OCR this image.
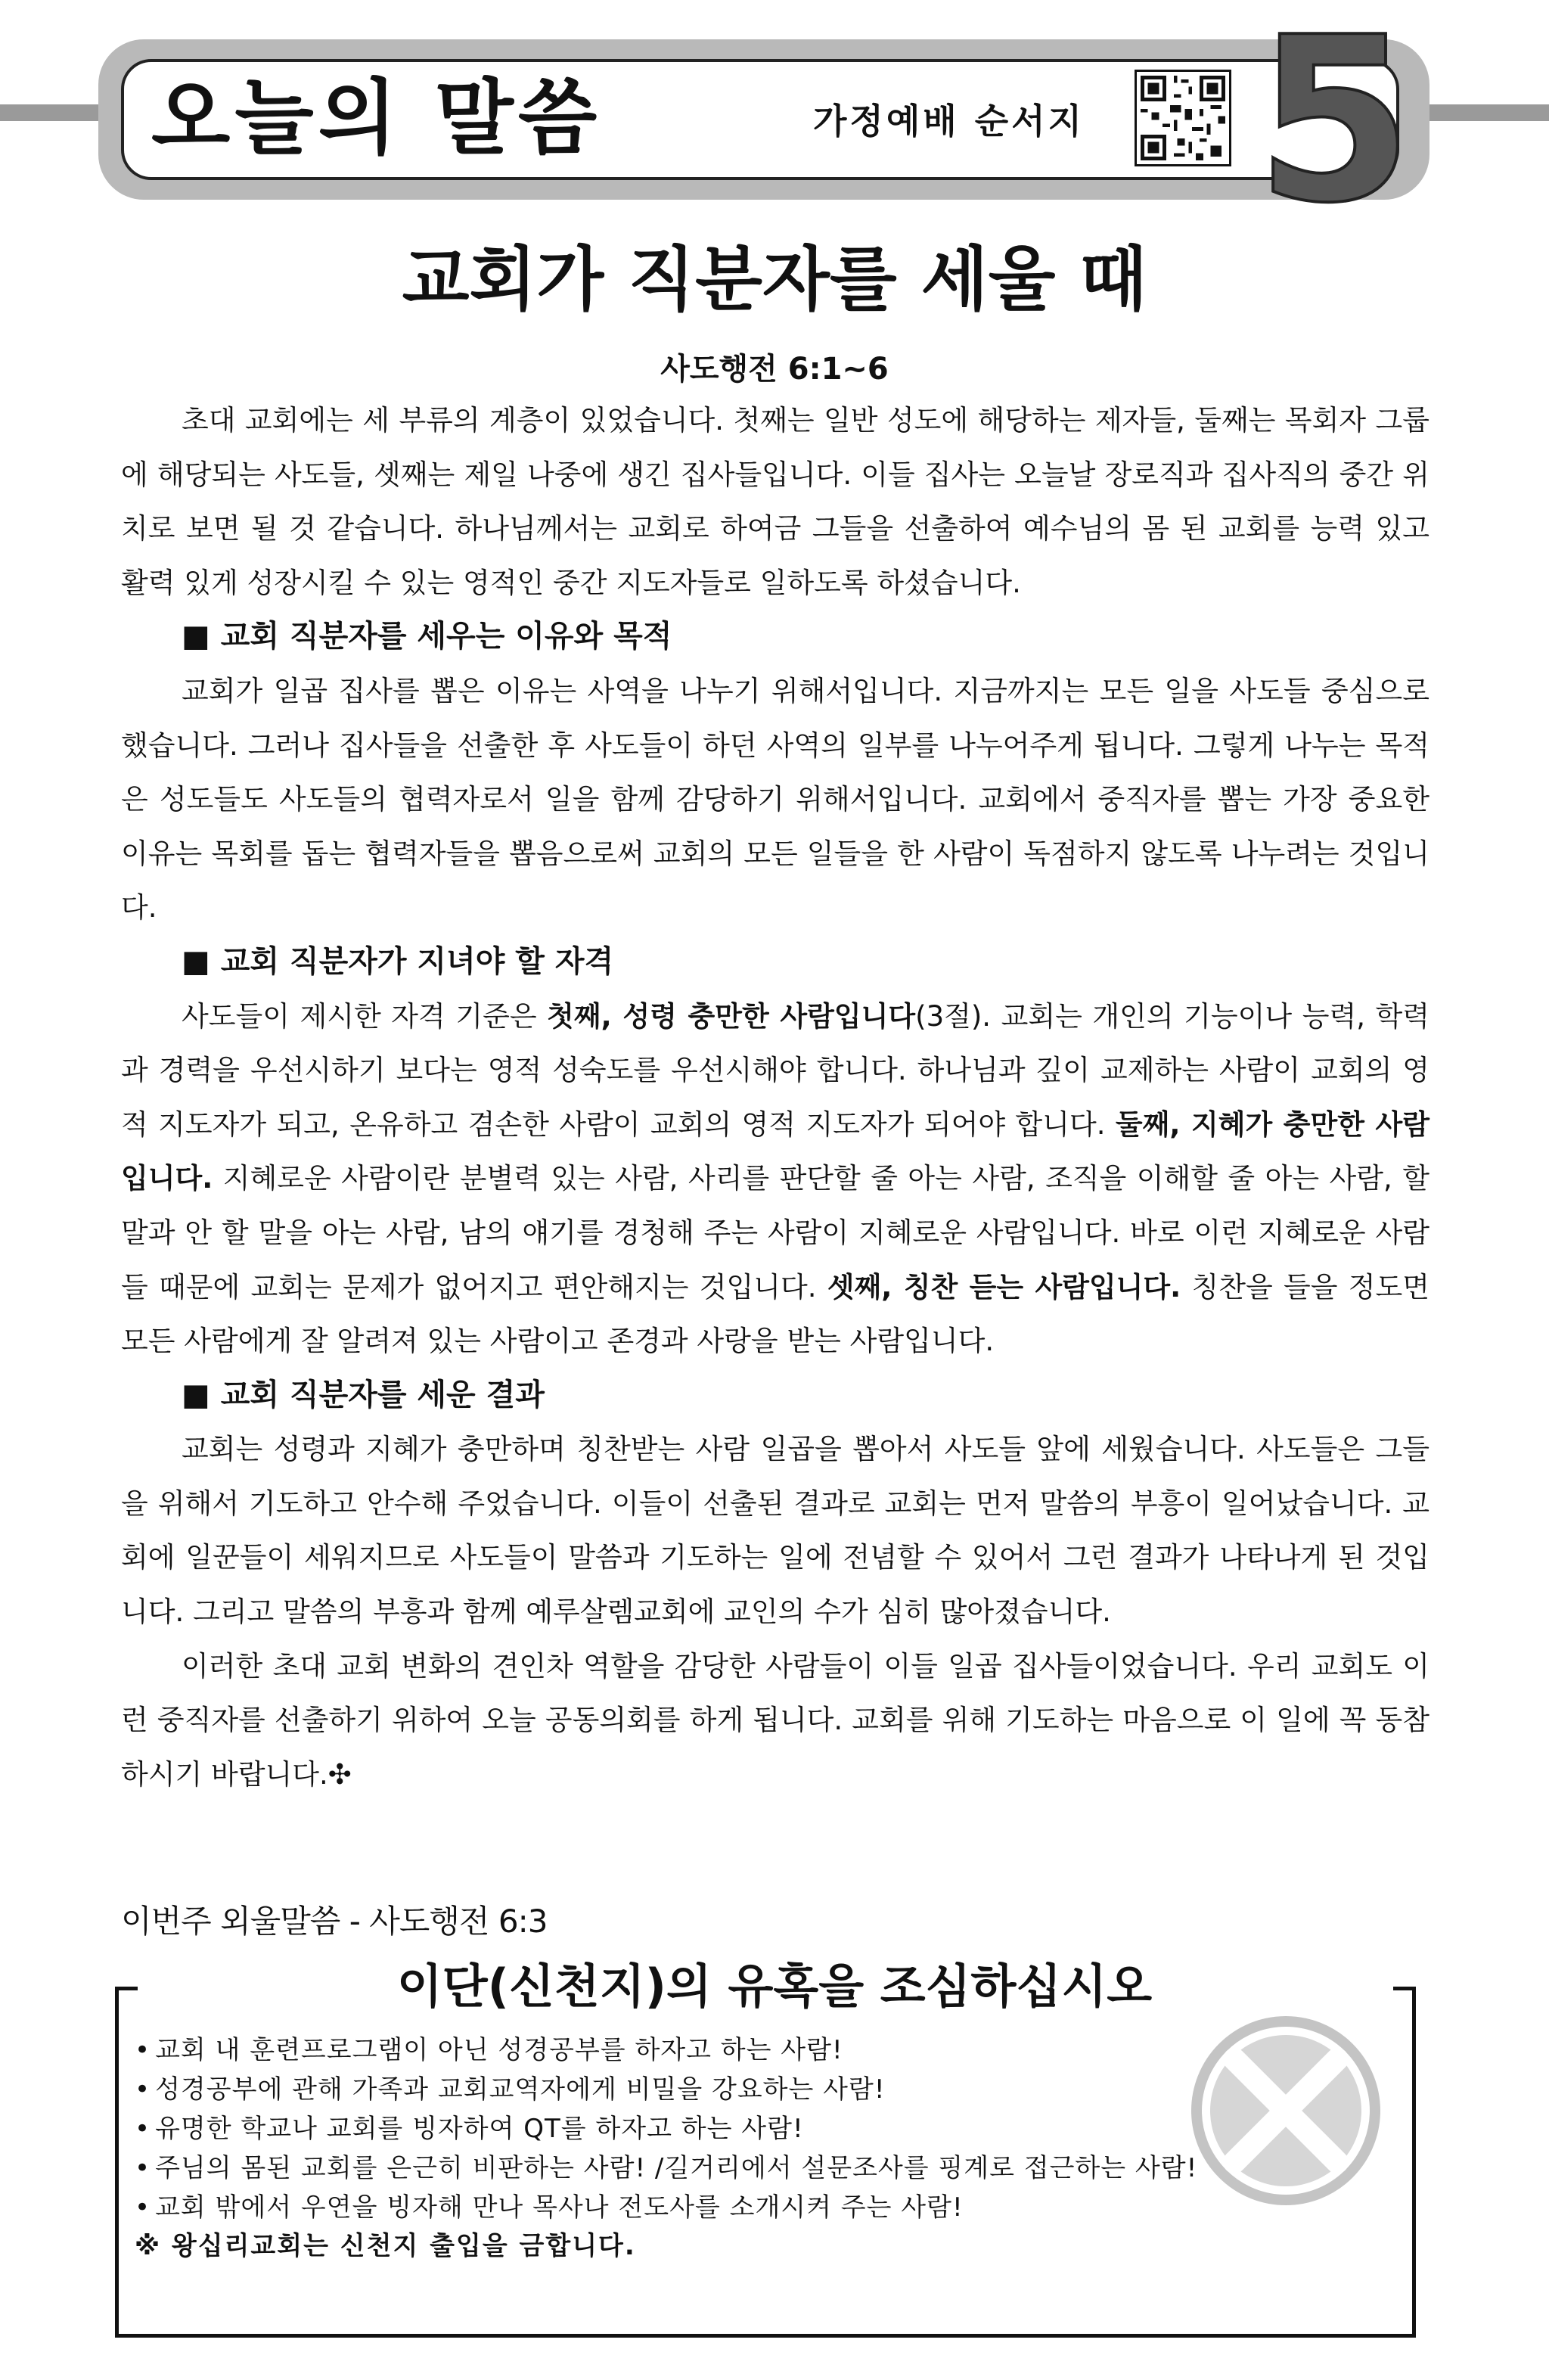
오늘의 말씀	가정예배 순서지 5
교회가 직분자를 세울 때
사도행전 6:1~6

초대 교회에는 세 부류의 계층이 있었습니다. 첫째는 일반 성도에 해당하는 제자들, 둘째는 목회자 그룹에 해당되는 사도들, 셋째는 제일 나중에 생긴 집사들입니다. 이들 집사는 오늘날 장로직과 집사직의 중간 위치로 보면 될 것 같습니다. 하나님께서는 교회로 하여금 그들을 선출하여 예수님의 몸 된 교회를 능력 있고 활력 있게 성장시킬 수 있는 영적인 중간 지도자들로 일하도록 하셨습니다.

■ 교회 직분자를 세우는 이유와 목적

교회가 일곱 집사를 뽑은 이유는 사역을 나누기 위해서입니다. 지금까지는 모든 일을 사도들 중심으로 했습니다. 그러나 집사들을 선출한 후 사도들이 하던 사역의 일부를 나누어주게 됩니다. 그렇게 나누는 목적은 성도들도 사도들의 협력자로서 일을 함께 감당하기 위해서입니다. 교회에서 중직자를 뽑는 가장 중요한 이유는 목회를 돕는 협력자들을 뽑음으로써 교회의 모든 일들을 한 사람이 독점하지 않도록 나누려는 것입니다.

■ 교회 직분자가 지녀야 할 자격

사도들이 제시한 자격 기준은 첫째, 성령 충만한 사람입니다(3절). 교회는 개인의 기능이나 능력, 학력과 경력을 우선시하기 보다는 영적 성숙도를 우선시해야 합니다. 하나님과 깊이 교제하는 사람이 교회의 영적 지도자가 되고, 온유하고 겸손한 사람이 교회의 영적 지도자가 되어야 합니다. 둘째, 지혜가 충만한 사람입니다. 지혜로운 사람이란 분별력 있는 사람, 사리를 판단할 줄 아는 사람, 조직을 이해할 줄 아는 사람, 할 말과 안 할 말을 아는 사람, 남의 얘기를 경청해 주는 사람이 지혜로운 사람입니다. 바로 이런 지혜로운 사람들 때문에 교회는 문제가 없어지고 편안해지는 것입니다. 셋째, 칭찬 듣는 사람입니다. 칭찬을 들을 정도면 모든 사람에게 잘 알려져 있는 사람이고 존경과 사랑을 받는 사람입니다.

■ 교회 직분자를 세운 결과

교회는 성령과 지혜가 충만하며 칭찬받는 사람 일곱을 뽑아서 사도들 앞에 세웠습니다. 사도들은 그들을 위해서 기도하고 안수해 주었습니다. 이들이 선출된 결과로 교회는 먼저 말씀의 부흥이 일어났습니다. 교회에 일꾼들이 세워지므로 사도들이 말씀과 기도하는 일에 전념할 수 있어서 그런 결과가 나타나게 된 것입니다. 그리고 말씀의 부흥과 함께 예루살렘교회에 교인의 수가 심히 많아졌습니다.

이러한 초대 교회 변화의 견인차 역할을 감당한 사람들이 이들 일곱 집사들이었습니다. 우리 교회도 이런 중직자를 선출하기 위하여 오늘 공동의회를 하게 됩니다. 교회를 위해 기도하는 마음으로 이 일에 꼭 동참하시기 바랍니다.✣

이번주 외울말씀 - 사도행전 6:3
이단(신천지)의 유혹을 조심하십시오
• 교회 내 훈련프로그램이 아닌 성경공부를 하자고 하는 사람!
• 성경공부에 관해 가족과 교회교역자에게 비밀을 강요하는 사람!
• 유명한 학교나 교회를 빙자하여 QT를 하자고 하는 사람!
• 주님의 몸된 교회를 은근히 비판하는 사람! /길거리에서 설문조사를 핑계로 접근하는 사람!
• 교회 밖에서 우연을 빙자해 만나 목사나 전도사를 소개시켜 주는 사람!
※ 왕십리교회는 신천지 출입을 금합니다.
